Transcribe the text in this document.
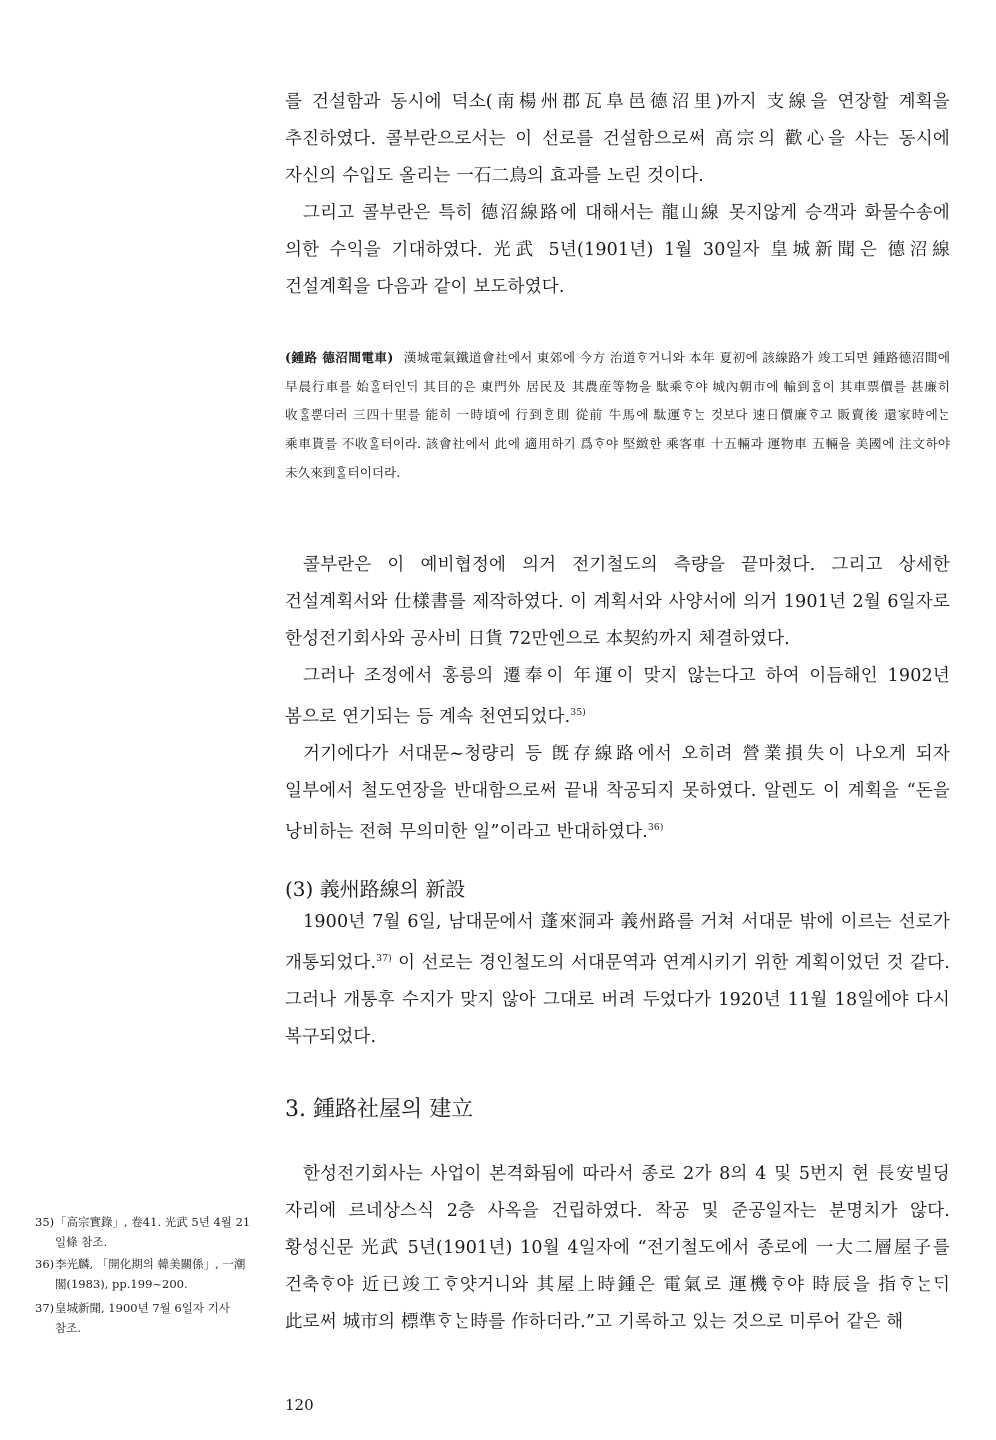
를 건설함과 동시에 덕소(南楊州郡瓦阜邑德沼里)까지 支線을 연장할 계획을 추진하였다. 콜부란으로서는 이 선로를 건설함으로써 高宗의 歡心을 사는 동시에 자신의 수입도 올리는 一石二鳥의 효과를 노린 것이다.

그리고 콜부란은 특히 德沼線路에 대해서는 龍山線 못지않게 승객과 화물수송에 의한 수익을 기대하였다. 光武 5년(1901년) 1월 30일자 皇城新聞은 德沼線 건설계획을 다음과 같이 보도하였다.

(鍾路 德沼間電車) 漢城電氣鐵道會社에서 東郊에 今方 治道ᄒᆞ거니와 本年 夏初에 該線路가 竣工되면 鍾路德沼間에 早晨行車를 始ᄒᆞᆯ터인ᄃᆡ 其目的은 東門外 居民及 其農産等物을 駄乘ᄒᆞ야 城內朝市에 輸到ᄒᆞᆷ이 其車票價를 甚廉히 收ᄒᆞᆯ뿐더러 三四十里를 能히 一時頃에 行到ᄒᆞᆫ則 從前 牛馬에 駄運ᄒᆞᄂᆞᆫ 것보다 速日價廉ᄒᆞ고 販賣後 還家時에ᄂᆞᆫ 乘車貰를 不收ᄒᆞᆯ터이라. 該會社에서 此에 適用하기 爲ᄒᆞ야 堅緻한 乘客車 十五輛과 運物車 五輛을 美國에 注文하야 未久來到ᄒᆞᆯ터이더라.

콜부란은 이 예비협정에 의거 전기철도의 측량을 끝마쳤다. 그리고 상세한 건설계획서와 仕樣書를 제작하였다. 이 계획서와 사양서에 의거 1901년 2월 6일자로 한성전기회사와 공사비 日貨 72만엔으로 本契約까지 체결하였다.

그러나 조정에서 홍릉의 遷奉이 年運이 맞지 않는다고 하여 이듬해인 1902년 봄으로 연기되는 등 계속 천연되었다.$^{35)}$

거기에다가 서대문~청량리 등 旣存線路에서 오히려 營業損失이 나오게 되자 일부에서 철도연장을 반대함으로써 끝내 착공되지 못하였다. 알렌도 이 계획을 “돈을 낭비하는 전혀 무의미한 일”이라고 반대하였다.$^{36)}$

(3) 義州路線의 新設

1900년 7월 6일, 남대문에서 蓬來洞과 義州路를 거쳐 서대문 밖에 이르는 선로가 개통되었다.$^{37)}$ 이 선로는 경인철도의 서대문역과 연계시키기 위한 계획이었던 것 같다. 그러나 개통후 수지가 맞지 않아 그대로 버려 두었다가 1920년 11월 18일에야 다시 복구되었다.

3. 鍾路社屋의 建立

한성전기회사는 사업이 본격화됨에 따라서 종로 2가 8의 4 및 5번지 현 長安빌딩 자리에 르네상스식 2층 사옥을 건립하였다. 착공 및 준공일자는 분명치가 않다. 황성신문 光武 5년(1901년) 10월 4일자에 “전기철도에서 종로에 一大二層屋子를 건축ᄒᆞ야 近已竣工ᄒᆞ얏거니와 其屋上時鍾은 電氣로 運機ᄒᆞ야 時辰을 指ᄒᆞᄂᆞᆫᄃᆡ 此로써 城市의 標準ᄒᆞᄂᆞᆫ時를 作하더라.”고 기록하고 있는 것으로 미루어 같은 해

35)「高宗實錄」, 卷41. 光武 5년 4월 21
일條 참조.
36)李光麟, 「開化期의 韓美關係」, 一潮
閣(1983), pp.199~200.
37)皇城新聞, 1900년 7월 6일자 기사
참조.

120
